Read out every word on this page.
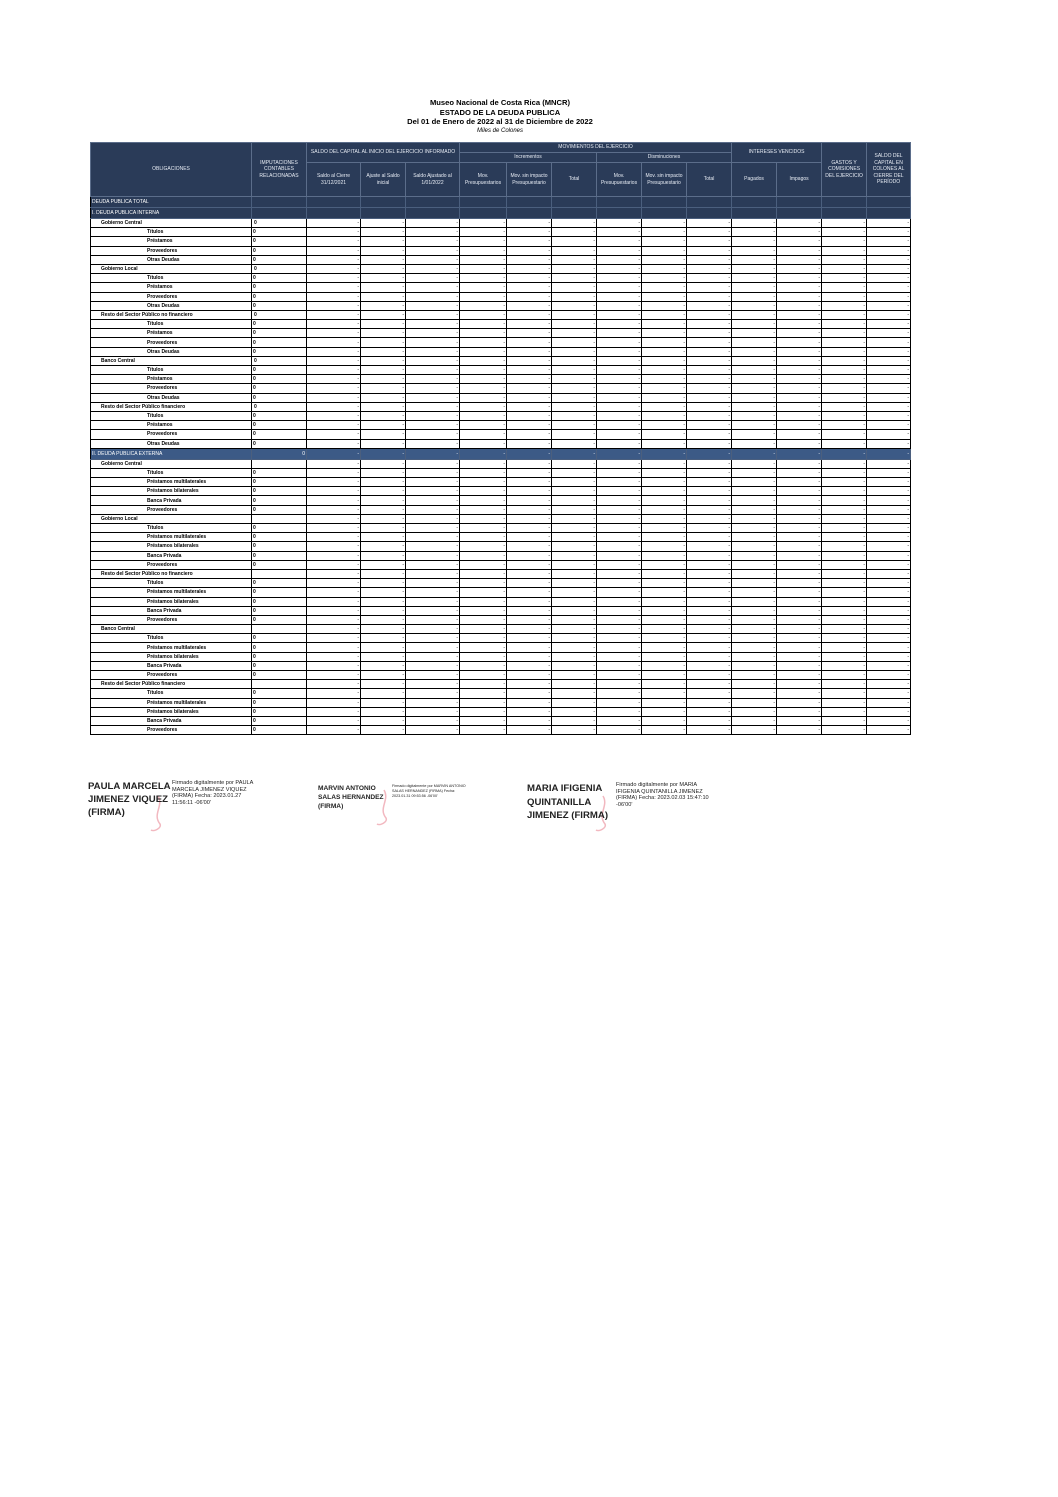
Museo Nacional de Costa Rica (MNCR)
ESTADO DE LA DEUDA PUBLICA
Del 01 de Enero de 2022 al 31 de Diciembre de 2022
Miles de Colones
OBLIGACIONES	IMPUTACIONES CONTABLES RELACIONADAS	SALDO DEL CAPITAL AL INICIO DEL EJERCICIO INFORMADO			MOVIMIENTOS DEL EJERCICIO						INTERESES VENCIDOS		GASTOS Y COMISIONES DEL EJERCICIO	SALDO DEL CAPITAL EN COLONES AL CIERRE DEL PERÍODO
					Incrementos			Disminuciones						
		Saldo al Cierre 31/12/2021	Ajuste al Saldo inicial	Saldo Ajustado al 1/01/2022	Mov. Presupuestarios	Mov. sin impacto Presupuestario	Total	Mov. Presupuestarios	Mov. sin impacto Presupuestario	Total	Pagados	Impagos		
DEUDA PUBLICA TOTAL														
I. DEUDA PUBLICA INTERNA														
Gobierno Central	0	-	-	-	-	-	-	-	-	-	-	-	-	-
Títulos	0	-	-	-	-	-	-	-	-	-	-	-	-	-
Préstamos	0	-	-	-	-	-	-	-	-	-	-	-	-	-
Proveedores	0	-	-	-	-	-	-	-	-	-	-	-	-	-
Otras Deudas	0	-	-	-	-	-	-	-	-	-	-	-	-	-
Gobierno Local	0	-	-	-	-	-	-	-	-	-	-	-	-	-
Títulos	0	-	-	-	-	-	-	-	-	-	-	-	-	-
Préstamos	0	-	-	-	-	-	-	-	-	-	-	-	-	-
Proveedores	0	-	-	-	-	-	-	-	-	-	-	-	-	-
Otras Deudas	0	-	-	-	-	-	-	-	-	-	-	-	-	-
Resto del Sector Público no financiero	0	-	-	-	-	-	-	-	-	-	-	-	-	-
Títulos	0	-	-	-	-	-	-	-	-	-	-	-	-	-
Préstamos	0	-	-	-	-	-	-	-	-	-	-	-	-	-
Proveedores	0	-	-	-	-	-	-	-	-	-	-	-	-	-
Otras Deudas	0	-	-	-	-	-	-	-	-	-	-	-	-	-
Banco Central	0	-	-	-	-	-	-	-	-	-	-	-	-	-
Títulos	0	-	-	-	-	-	-	-	-	-	-	-	-	-
Préstamos	0	-	-	-	-	-	-	-	-	-	-	-	-	-
Proveedores	0	-	-	-	-	-	-	-	-	-	-	-	-	-
Otras Deudas	0	-	-	-	-	-	-	-	-	-	-	-	-	-
Resto del Sector Público financiero	0	-	-	-	-	-	-	-	-	-	-	-	-	-
Títulos	0	-	-	-	-	-	-	-	-	-	-	-	-	-
Préstamos	0	-	-	-	-	-	-	-	-	-	-	-	-	-
Proveedores	0	-	-	-	-	-	-	-	-	-	-	-	-	-
Otras Deudas	0	-	-	-	-	-	-	-	-	-	-	-	-	-
II. DEUDA PUBLICA EXTERNA	0	-	-	-	-	-	-	-	-	-	-	-	-	-
Gobierno Central		-	-	-	-	-	-	-	-	-	-	-	-	-
Títulos	0	-	-	-	-	-	-	-	-	-	-	-	-	-
Préstamos multilaterales	0	-	-	-	-	-	-	-	-	-	-	-	-	-
Préstamos bilaterales	0	-	-	-	-	-	-	-	-	-	-	-	-	-
Banca Privada	0	-	-	-	-	-	-	-	-	-	-	-	-	-
Proveedores	0	-	-	-	-	-	-	-	-	-	-	-	-	-
Gobierno Local		-	-	-	-	-	-	-	-	-	-	-	-	-
Títulos	0	-	-	-	-	-	-	-	-	-	-	-	-	-
Préstamos multilaterales	0	-	-	-	-	-	-	-	-	-	-	-	-	-
Préstamos bilaterales	0	-	-	-	-	-	-	-	-	-	-	-	-	-
Banca Privada	0	-	-	-	-	-	-	-	-	-	-	-	-	-
Proveedores	0	-	-	-	-	-	-	-	-	-	-	-	-	-
Resto del Sector Público no financiero		-	-	-	-	-	-	-	-	-	-	-	-	-
Títulos	0	-	-	-	-	-	-	-	-	-	-	-	-	-
Préstamos multilaterales	0	-	-	-	-	-	-	-	-	-	-	-	-	-
Préstamos bilaterales	0	-	-	-	-	-	-	-	-	-	-	-	-	-
Banca Privada	0	-	-	-	-	-	-	-	-	-	-	-	-	-
Proveedores	0	-	-	-	-	-	-	-	-	-	-	-	-	-
Banco Central		-	-	-	-	-	-	-	-	-	-	-	-	-
Títulos	0	-	-	-	-	-	-	-	-	-	-	-	-	-
Préstamos multilaterales	0	-	-	-	-	-	-	-	-	-	-	-	-	-
Préstamos bilaterales	0	-	-	-	-	-	-	-	-	-	-	-	-	-
Banca Privada	0	-	-	-	-	-	-	-	-	-	-	-	-	-
Proveedores	0	-	-	-	-	-	-	-	-	-	-	-	-	-
Resto del Sector Público financiero		-	-	-	-	-	-	-	-	-	-	-	-	-
Títulos	0	-	-	-	-	-	-	-	-	-	-	-	-	-
Préstamos multilaterales	0	-	-	-	-	-	-	-	-	-	-	-	-	-
Préstamos bilaterales	0	-	-	-	-	-	-	-	-	-	-	-	-	-
Banca Privada	0	-	-	-	-	-	-	-	-	-	-	-	-	-
Proveedores	0	-	-	-	-	-	-	-	-	-	-	-	-	-
PAULA MARCELA JIMENEZ VIQUEZ (FIRMA)
Firmado digitalmente por PAULA MARCELA JIMENEZ VIQUEZ (FIRMA) Fecha: 2023.01.27 11:56:11 -06'00'
MARVIN ANTONIO SALAS HERNANDEZ (FIRMA)
Firmado digitalmente por MARVIN ANTONIO SALAS HERNANDEZ (FIRMA) Fecha: 2023.01.31 09:53:56 -06'00'
MARIA IFIGENIA QUINTANILLA JIMENEZ (FIRMA)
Firmado digitalmente por MARIA IFIGENIA QUINTANILLA JIMENEZ (FIRMA) Fecha: 2023.02.03 15:47:10 -06'00'
